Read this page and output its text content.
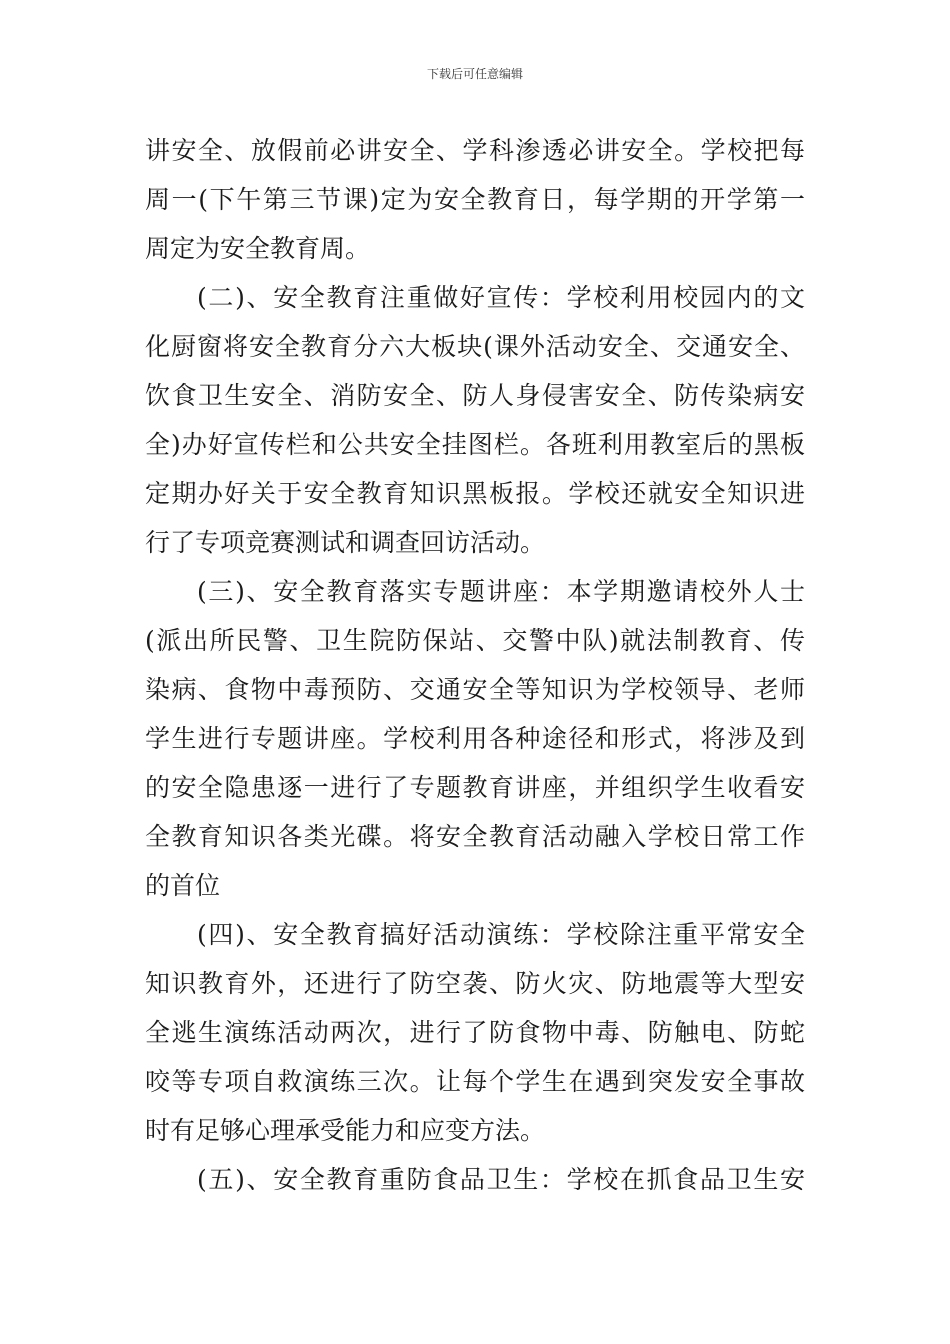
下载后可任意编辑
讲安全、放假前必讲安全、学科渗透必讲安全。学校把每
周一(下午第三节课)定为安全教育日，每学期的开学第一
周定为安全教育周。
(二)、安全教育注重做好宣传：学校利用校园内的文
化厨窗将安全教育分六大板块(课外活动安全、交通安全、
饮食卫生安全、消防安全、防人身侵害安全、防传染病安
全)办好宣传栏和公共安全挂图栏。各班利用教室后的黑板
定期办好关于安全教育知识黑板报。学校还就安全知识进
行了专项竞赛测试和调查回访活动。
(三)、安全教育落实专题讲座：本学期邀请校外人士
(派出所民警、卫生院防保站、交警中队)就法制教育、传
染病、食物中毒预防、交通安全等知识为学校领导、老师
学生进行专题讲座。学校利用各种途径和形式，将涉及到
的安全隐患逐一进行了专题教育讲座，并组织学生收看安
全教育知识各类光碟。将安全教育活动融入学校日常工作
的首位
(四)、安全教育搞好活动演练：学校除注重平常安全
知识教育外，还进行了防空袭、防火灾、防地震等大型安
全逃生演练活动两次，进行了防食物中毒、防触电、防蛇
咬等专项自救演练三次。让每个学生在遇到突发安全事故
时有足够心理承受能力和应变方法。
(五)、安全教育重防食品卫生：学校在抓食品卫生安
